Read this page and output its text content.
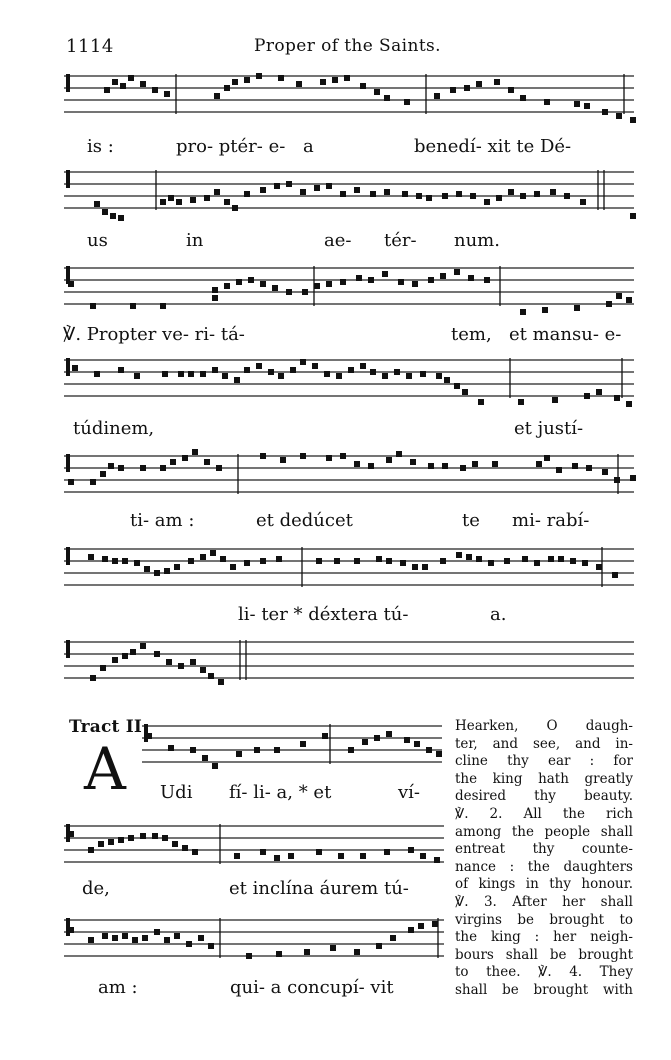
1114	Proper of the Saints.
is :	pro- ptér- e- a	benedí- xit te Dé-
us	in	ae- tér- num.
℣. Propter ve- ri- tá-	tem, et mansu- e-
túdinem,	et justí-
ti- am :	et dedúcet	te mi- rabí-
li- ter * déxtera tú-	a.
Tract II
A Udi fí- li- a, * et	ví-
de,	et inclína áurem tú-
am :	qui- a concupí- vit
Hearken, O daugh-
ter, and see, and in-
cline thy ear : for
the king hath greatly
desired thy beauty.
℣. 2. All the rich
among the people shall
entreat thy counte-
nance : the daughters
of kings in thy honour.
℣. 3. After her shall
virgins be brought to
the king : her neigh-
bours shall be brought
to thee. ℣. 4. They
shall be brought with
